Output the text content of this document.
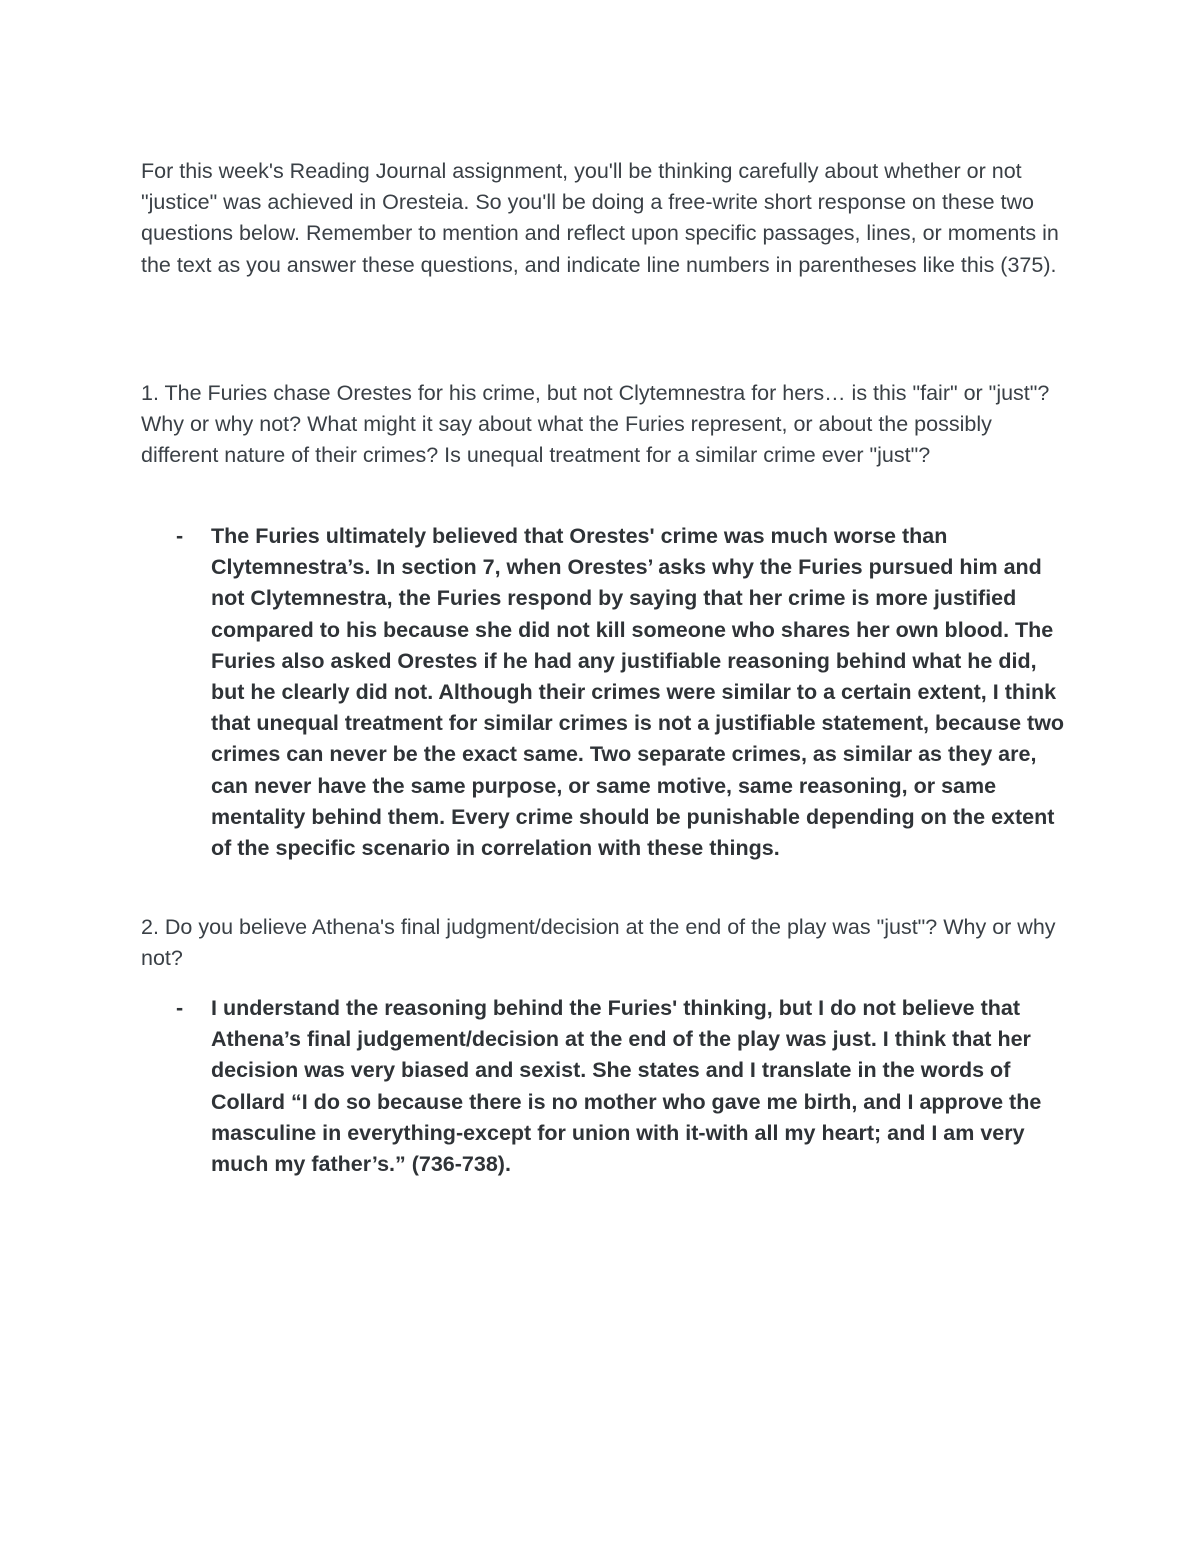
For this week's Reading Journal assignment, you'll be thinking carefully about whether or not "justice" was achieved in Oresteia. So you'll be doing a free-write short response on these two questions below. Remember to mention and reflect upon specific passages, lines, or moments in the text as you answer these questions, and indicate line numbers in parentheses like this (375).

1. The Furies chase Orestes for his crime, but not Clytemnestra for hers… is this "fair" or "just"? Why or why not? What might it say about what the Furies represent, or about the possibly different nature of their crimes? Is unequal treatment for a similar crime ever "just"?

- The Furies ultimately believed that Orestes' crime was much worse than Clytemnestra’s. In section 7, when Orestes’ asks why the Furies pursued him and not Clytemnestra, the Furies respond by saying that her crime is more justified compared to his because she did not kill someone who shares her own blood. The Furies also asked Orestes if he had any justifiable reasoning behind what he did, but he clearly did not. Although their crimes were similar to a certain extent, I think that unequal treatment for similar crimes is not a justifiable statement, because two crimes can never be the exact same. Two separate crimes, as similar as they are, can never have the same purpose, or same motive, same reasoning, or same mentality behind them. Every crime should be punishable depending on the extent of the specific scenario in correlation with these things.

2. Do you believe Athena's final judgment/decision at the end of the play was "just"? Why or why not?

- I understand the reasoning behind the Furies' thinking, but I do not believe that Athena’s final judgement/decision at the end of the play was just. I think that her decision was very biased and sexist. She states and I translate in the words of Collard “I do so because there is no mother who gave me birth, and I approve the masculine in everything-except for union with it-with all my heart; and I am very much my father’s.” (736-738).
